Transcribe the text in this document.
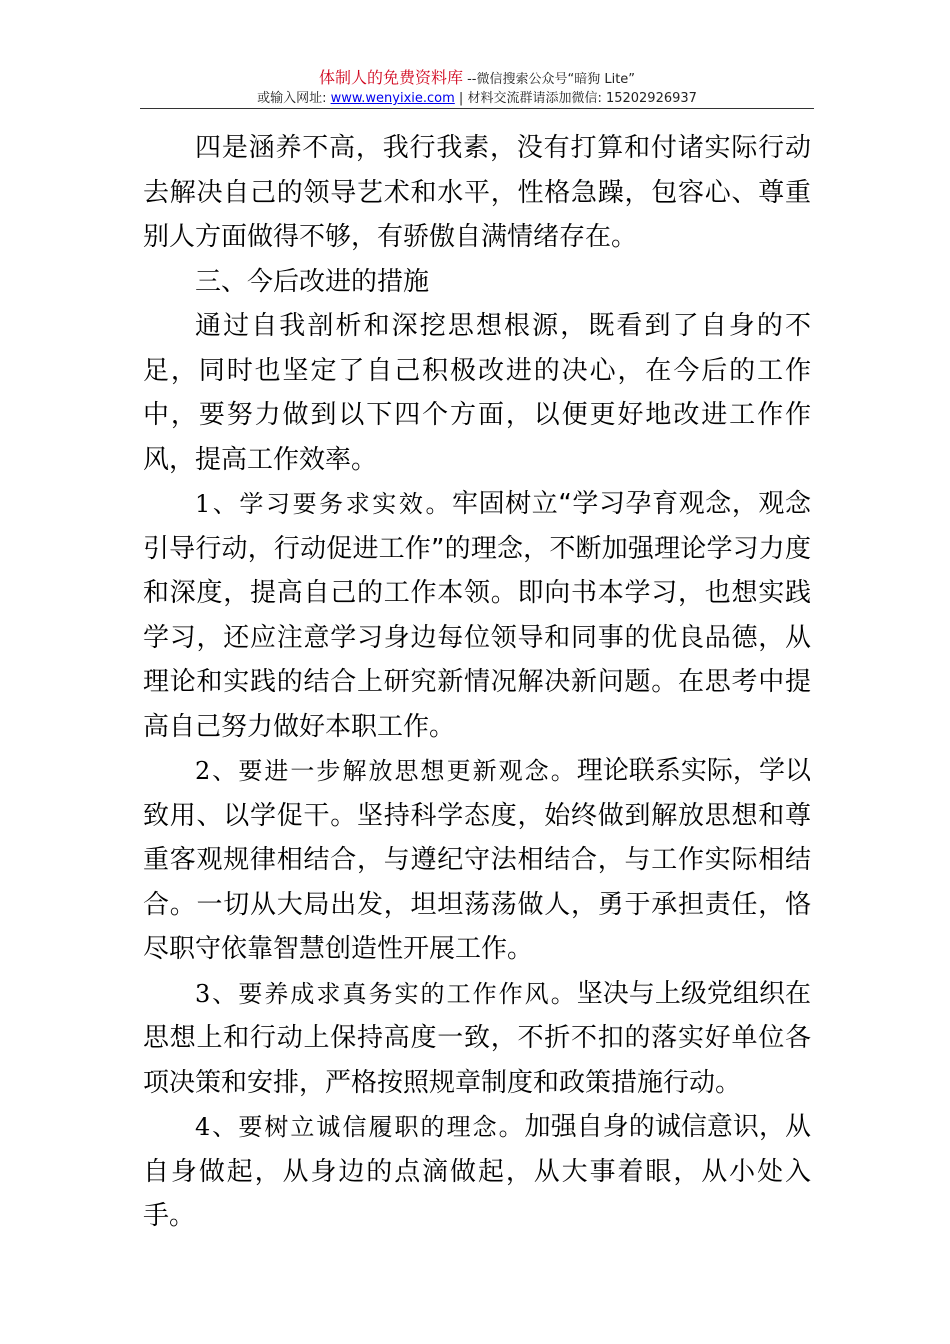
体制人的免费资料库 --微信搜索公众号“暗狗 Lite”
或输入网址: www.wenyixie.com | 材料交流群请添加微信: 15202926937

四是涵养不高，我行我素，没有打算和付诸实际行动去解决自己的领导艺术和水平，性格急躁，包容心、尊重别人方面做得不够，有骄傲自满情绪存在。

三、今后改进的措施

通过自我剖析和深挖思想根源，既看到了自身的不足，同时也坚定了自己积极改进的决心，在今后的工作中，要努力做到以下四个方面，以便更好地改进工作作风，提高工作效率。

1、学习要务求实效。牢固树立“学习孕育观念，观念引导行动，行动促进工作”的理念，不断加强理论学习力度和深度，提高自己的工作本领。即向书本学习，也想实践学习，还应注意学习身边每位领导和同事的优良品德，从理论和实践的结合上研究新情况解决新问题。在思考中提高自己努力做好本职工作。

2、要进一步解放思想更新观念。理论联系实际，学以致用、以学促干。坚持科学态度，始终做到解放思想和尊重客观规律相结合，与遵纪守法相结合，与工作实际相结合。一切从大局出发，坦坦荡荡做人，勇于承担责任，恪尽职守依靠智慧创造性开展工作。

3、要养成求真务实的工作作风。坚决与上级党组织在思想上和行动上保持高度一致，不折不扣的落实好单位各项决策和安排，严格按照规章制度和政策措施行动。

4、要树立诚信履职的理念。加强自身的诚信意识，从自身做起，从身边的点滴做起，从大事着眼，从小处入手。
